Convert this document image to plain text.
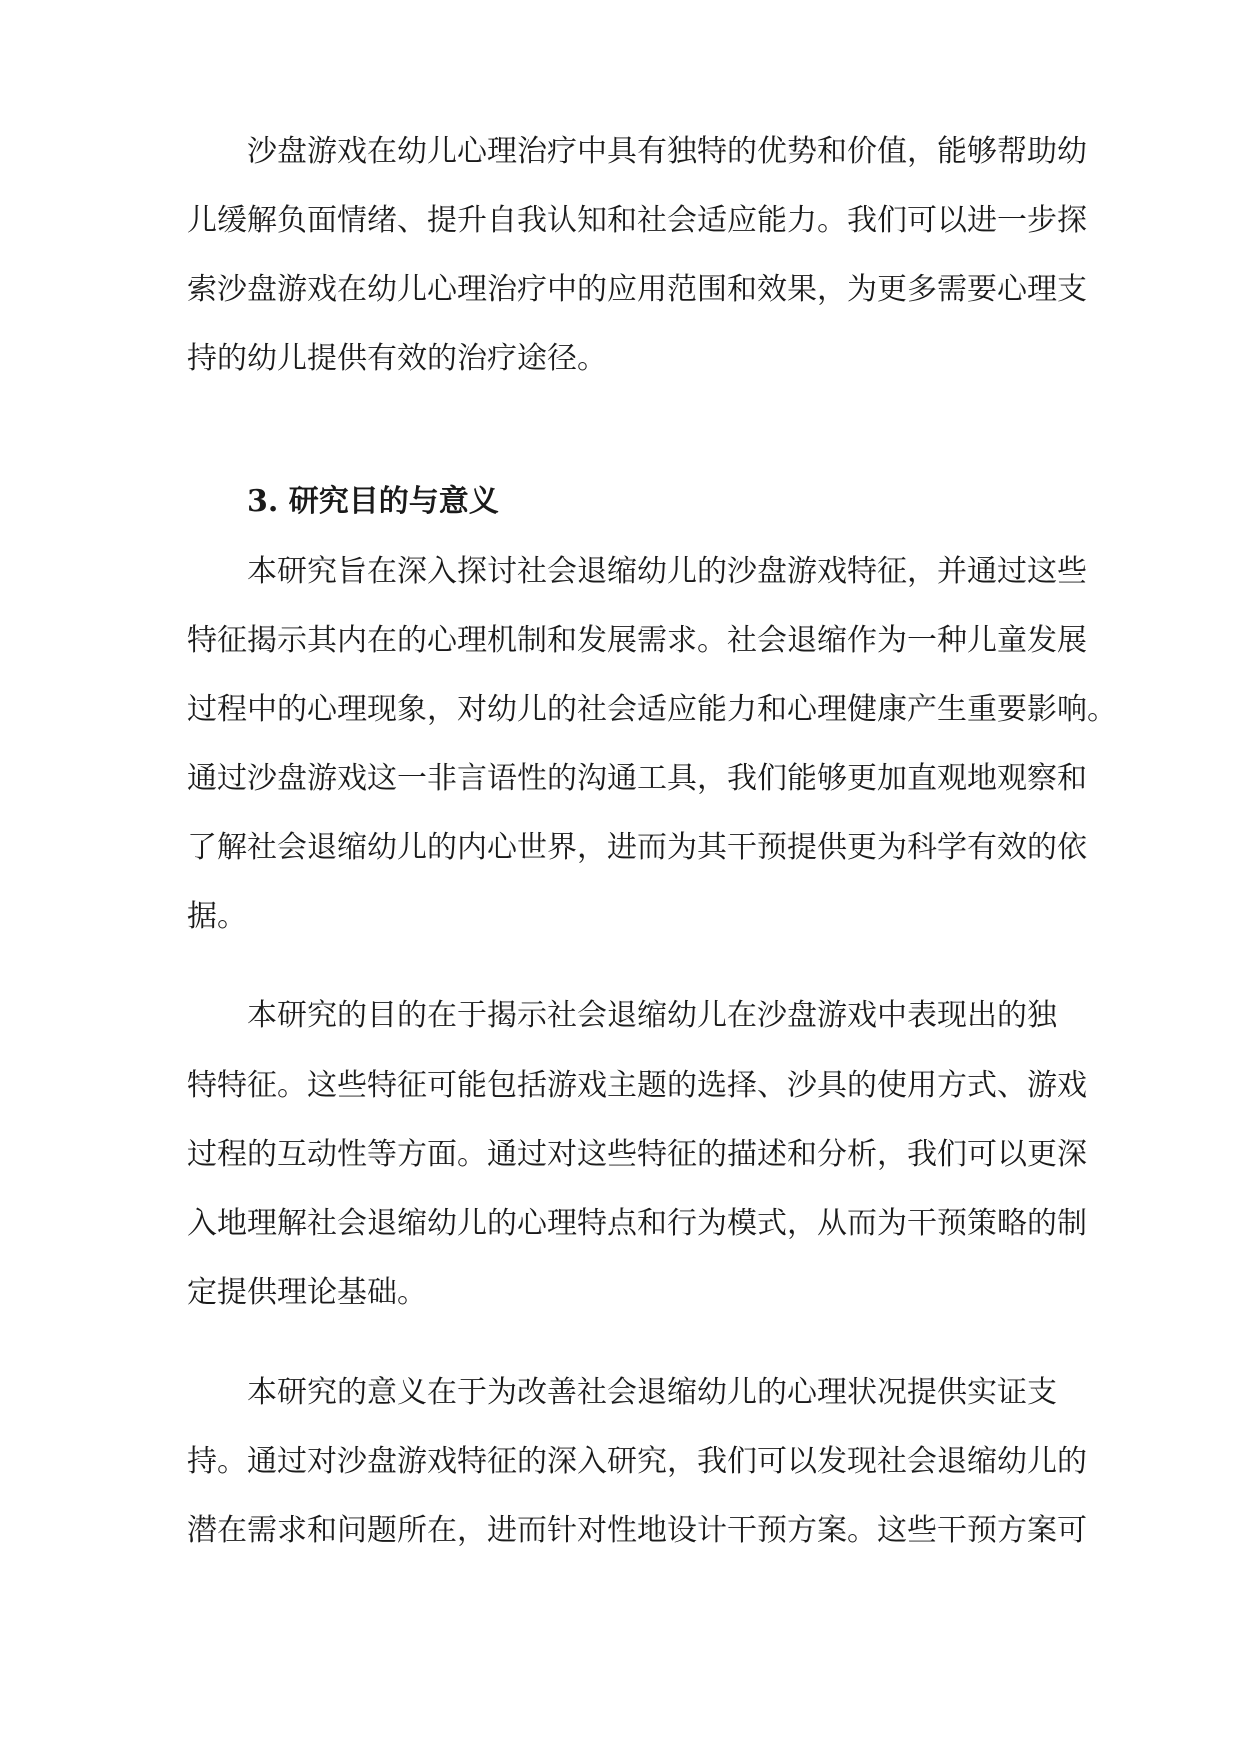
沙盘游戏在幼儿心理治疗中具有独特的优势和价值，能够帮助幼
儿缓解负面情绪、提升自我认知和社会适应能力。我们可以进一步探
索沙盘游戏在幼儿心理治疗中的应用范围和效果，为更多需要心理支
持的幼儿提供有效的治疗途径。
3. 研究目的与意义
本研究旨在深入探讨社会退缩幼儿的沙盘游戏特征，并通过这些
特征揭示其内在的心理机制和发展需求。社会退缩作为一种儿童发展
过程中的心理现象，对幼儿的社会适应能力和心理健康产生重要影响。
通过沙盘游戏这一非言语性的沟通工具，我们能够更加直观地观察和
了解社会退缩幼儿的内心世界，进而为其干预提供更为科学有效的依
据。
本研究的目的在于揭示社会退缩幼儿在沙盘游戏中表现出的独
特特征。这些特征可能包括游戏主题的选择、沙具的使用方式、游戏
过程的互动性等方面。通过对这些特征的描述和分析，我们可以更深
入地理解社会退缩幼儿的心理特点和行为模式，从而为干预策略的制
定提供理论基础。
本研究的意义在于为改善社会退缩幼儿的心理状况提供实证支
持。通过对沙盘游戏特征的深入研究，我们可以发现社会退缩幼儿的
潜在需求和问题所在，进而针对性地设计干预方案。这些干预方案可
